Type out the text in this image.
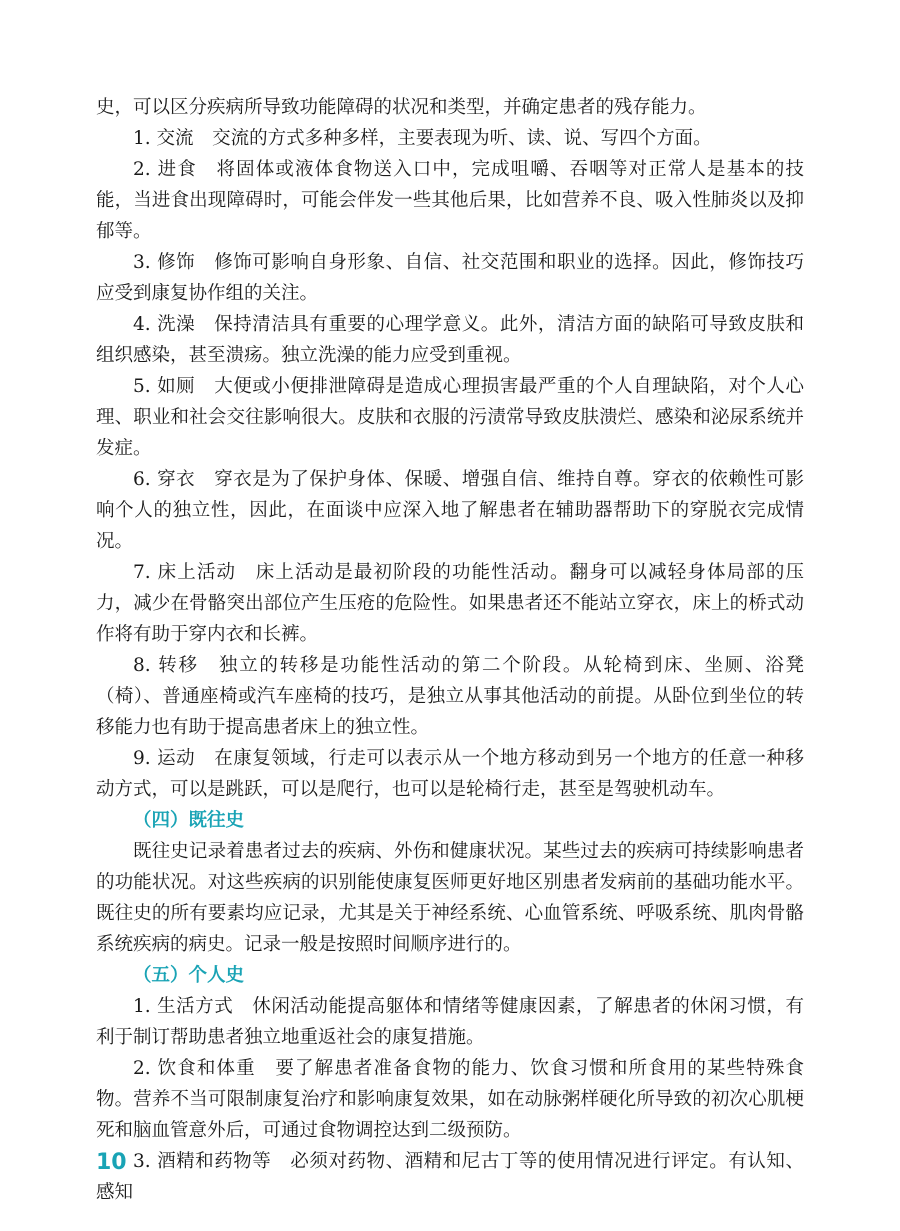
史，可以区分疾病所导致功能障碍的状况和类型，并确定患者的残存能力。

1. 交流　 交流的方式多种多样，主要表现为听、读、说、写四个方面。

2. 进食　 将固体或液体食物送入口中，完成咀嚼、吞咽等对正常人是基本的技能，当进食出现障碍时，可能会伴发一些其他后果，比如营养不良、吸入性肺炎以及抑郁等。

3. 修饰　 修饰可影响自身形象、自信、社交范围和职业的选择。因此，修饰技巧应受到康复协作组的关注。

4. 洗澡　 保持清洁具有重要的心理学意义。此外，清洁方面的缺陷可导致皮肤和组织感染，甚至溃疡。独立洗澡的能力应受到重视。

5. 如厕　 大便或小便排泄障碍是造成心理损害最严重的个人自理缺陷，对个人心理、职业和社会交往影响很大。皮肤和衣服的污渍常导致皮肤溃烂、感染和泌尿系统并发症。

6. 穿衣　 穿衣是为了保护身体、保暖、增强自信、维持自尊。穿衣的依赖性可影响个人的独立性，因此，在面谈中应深入地了解患者在辅助器帮助下的穿脱衣完成情况。

7. 床上活动　 床上活动是最初阶段的功能性活动。翻身可以减轻身体局部的压力，减少在骨骼突出部位产生压疮的危险性。如果患者还不能站立穿衣，床上的桥式动作将有助于穿内衣和长裤。

8. 转移　 独立的转移是功能性活动的第二个阶段。从轮椅到床、坐厕、浴凳（椅）、普通座椅或汽车座椅的技巧，是独立从事其他活动的前提。从卧位到坐位的转移能力也有助于提高患者床上的独立性。

9. 运动　 在康复领域，行走可以表示从一个地方移动到另一个地方的任意一种移动方式，可以是跳跃，可以是爬行，也可以是轮椅行走，甚至是驾驶机动车。

（四）既往史

既往史记录着患者过去的疾病、外伤和健康状况。某些过去的疾病可持续影响患者的功能状况。对这些疾病的识别能使康复医师更好地区别患者发病前的基础功能水平。既往史的所有要素均应记录，尤其是关于神经系统、心血管系统、呼吸系统、肌肉骨骼系统疾病的病史。记录一般是按照时间顺序进行的。

（五）个人史

1. 生活方式　 休闲活动能提高躯体和情绪等健康因素，了解患者的休闲习惯，有利于制订帮助患者独立地重返社会的康复措施。

2. 饮食和体重　 要了解患者准备食物的能力、饮食习惯和所食用的某些特殊食物。营养不当可限制康复治疗和影响康复效果，如在动脉粥样硬化所导致的初次心肌梗死和脑血管意外后，可通过食物调控达到二级预防。

3. 酒精和药物等　 必须对药物、酒精和尼古丁等的使用情况进行评定。有认知、感知

10
